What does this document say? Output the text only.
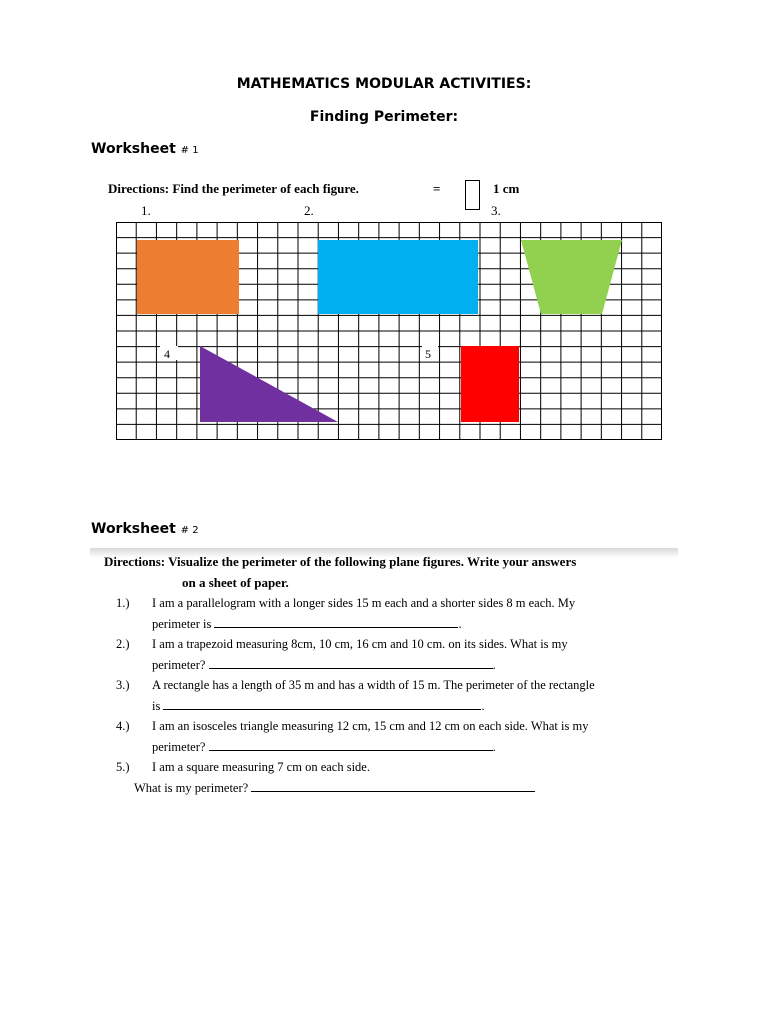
MATHEMATICS MODULAR ACTIVITIES:
Finding Perimeter:
Worksheet # 1
Directions: Find the perimeter of each figure.	=	1 cm
1.	2.	3.
4	5
Worksheet # 2
Directions: Visualize the perimeter of the following plane figures. Write your answers
on a sheet of paper.
1.) I am a parallelogram with a longer sides 15 m each and a shorter sides 8 m each. My
perimeter is	.
2.) I am a trapezoid measuring 8cm, 10 cm, 16 cm and 10 cm. on its sides. What is my
perimeter?	.
3.) A rectangle has a length of 35 m and has a width of 15 m. The perimeter of the rectangle
is	.
4.) I am an isosceles triangle measuring 12 cm, 15 cm and 12 cm on each side. What is my
perimeter?	.
5.) I am a square measuring 7 cm on each side.
What is my perimeter?
